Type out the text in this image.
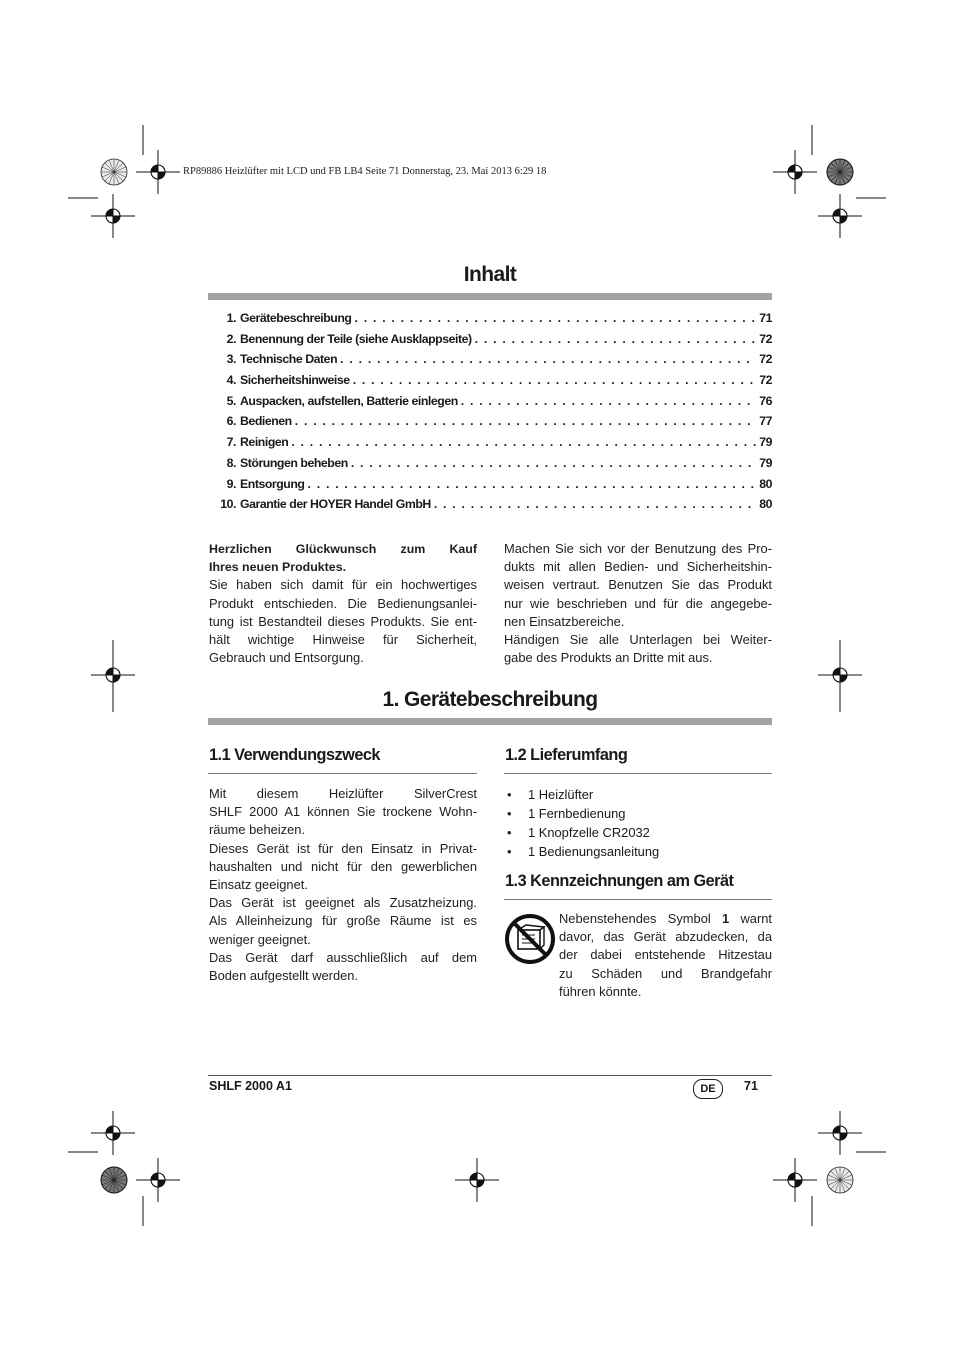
RP89886 Heizlüfter mit LCD und FB LB4 Seite 71 Donnerstag, 23. Mai 2013 6:29 18
Inhalt
1. Gerätebeschreibung . . .	71
2. Benennung der Teile (siehe Ausklappseite) . . .	72
3. Technische Daten . . .	72
4. Sicherheitshinweise . . .	72
5. Auspacken, aufstellen, Batterie einlegen . . .	76
6. Bedienen . . .	77
7. Reinigen . . .	79
8. Störungen beheben . . .	79
9. Entsorgung . . .	80
10. Garantie der HOYER Handel GmbH . . .	80
Herzlichen Glückwunsch zum Kauf
Ihres neuen Produktes.
Sie haben sich damit für ein hochwertiges
Produkt entschieden. Die Bedienungsanlei-
tung ist Bestandteil dieses Produkts. Sie ent-
hält wichtige Hinweise für Sicherheit,
Gebrauch und Entsorgung.
Machen Sie sich vor der Benutzung des Pro-
dukts mit allen Bedien- und Sicherheitshin-
weisen vertraut. Benutzen Sie das Produkt
nur wie beschrieben und für die angegebe-
nen Einsatzbereiche.
Händigen Sie alle Unterlagen bei Weiter-
gabe des Produkts an Dritte mit aus.
1. Gerätebeschreibung
1.1 Verwendungszweck
Mit diesem Heizlüfter SilverCrest
SHLF 2000 A1 können Sie trockene Wohn-
räume beheizen.
Dieses Gerät ist für den Einsatz in Privat-
haushalten und nicht für den gewerblichen
Einsatz geeignet.
Das Gerät ist geeignet als Zusatzheizung.
Als Alleinheizung für große Räume ist es
weniger geeignet.
Das Gerät darf ausschließlich auf dem
Boden aufgestellt werden.
1.2 Lieferumfang
• 1 Heizlüfter
• 1 Fernbedienung
• 1 Knopfzelle CR2032
• 1 Bedienungsanleitung
1.3 Kennzeichnungen am Gerät
Nebenstehendes Symbol 1 warnt
davor, das Gerät abzudecken, da
der dabei entstehende Hitzestau
zu Schäden und Brandgefahr
führen könnte.
SHLF 2000 A1	DE	71
